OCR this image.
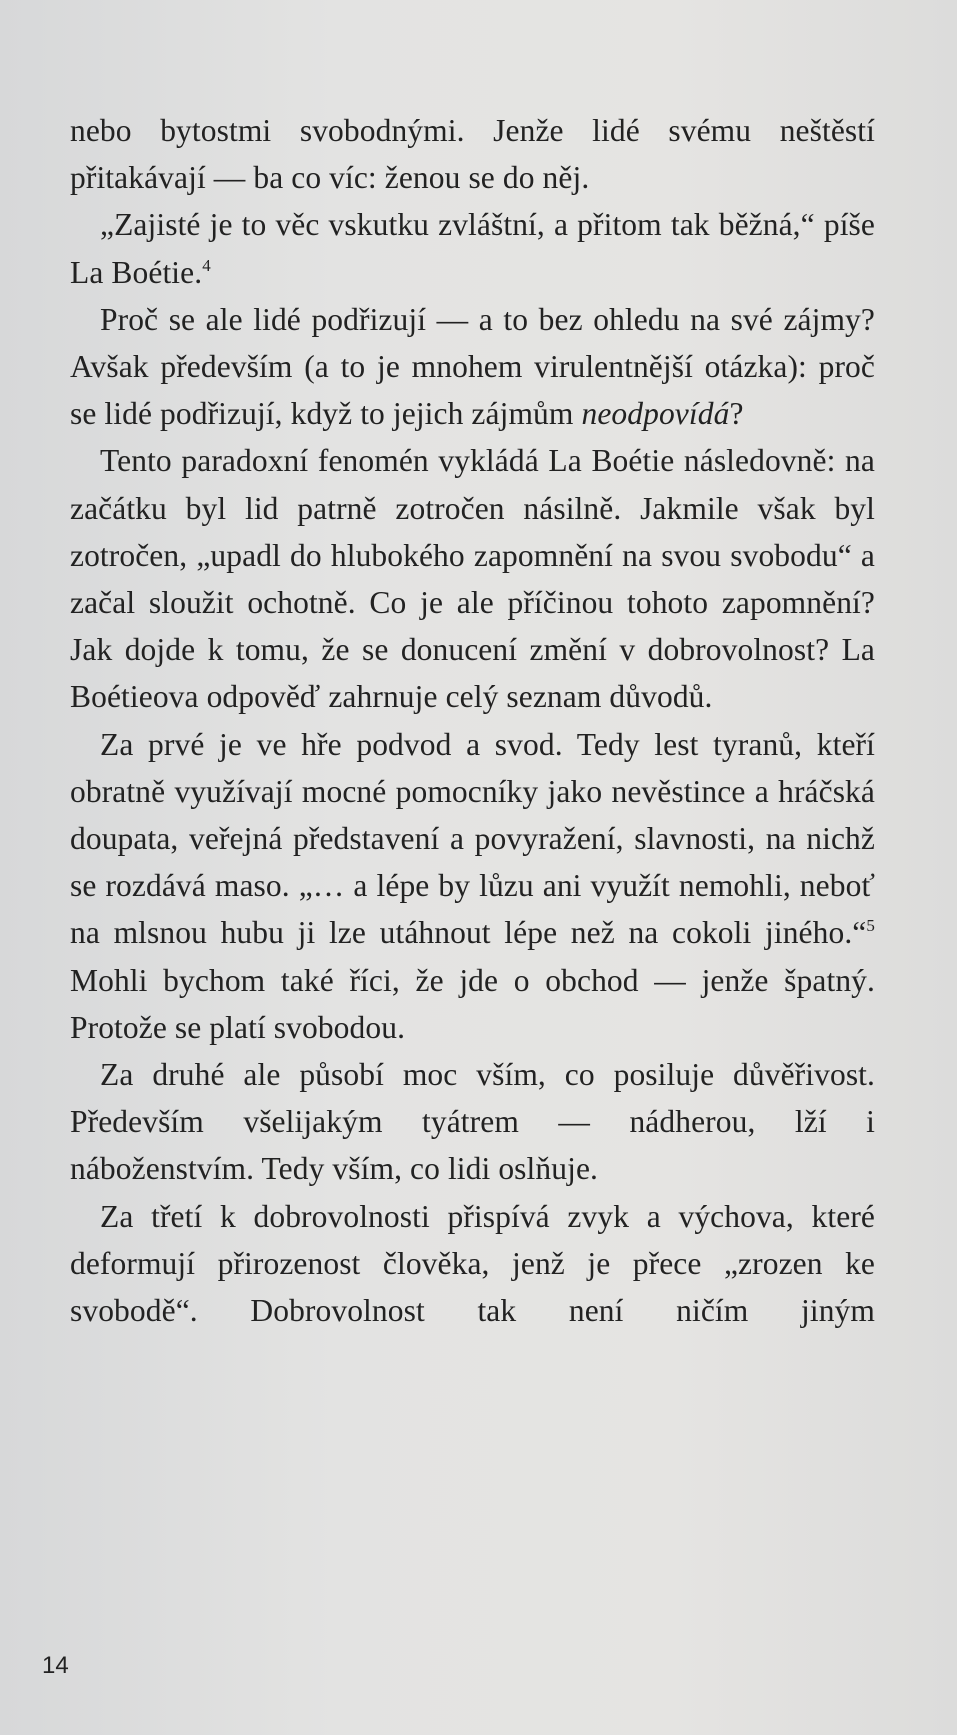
nebo bytostmi svobodnými. Jenže lidé svému neštěstí přitakávají — ba co víc: ženou se do něj.

„Zajisté je to věc vskutku zvláštní, a přitom tak běžná,“ píše La Boétie.$^4$

Proč se ale lidé podřizují — a to bez ohledu na své zájmy? Avšak především (a to je mnohem virulentnější otázka): proč se lidé podřizují, když to jejich zájmům neodpovídá?

Tento paradoxní fenomén vykládá La Boétie následovně: na začátku byl lid patrně zotročen násilně. Jakmile však byl zotročen, „upadl do hlubokého zapomnění na svou svobodu“ a začal sloužit ochotně. Co je ale příčinou tohoto zapomnění? Jak dojde k tomu, že se donucení změní v dobrovolnost? La Boétieova odpověď zahrnuje celý seznam důvodů.

Za prvé je ve hře podvod a svod. Tedy lest tyranů, kteří obratně využívají mocné pomocníky jako nevěstince a hráčská doupata, veřejná představení a povyražení, slavnosti, na nichž se rozdává maso. „… a lépe by lůzu ani využít nemohli, neboť na mlsnou hubu ji lze utáhnout lépe než na cokoli jiného.“$^5$ Mohli bychom také říci, že jde o obchod — jenže špatný. Protože se platí svobodou.

Za druhé ale působí moc vším, co posiluje důvěřivost. Především všelijakým tyátrem — nádherou, lží i náboženstvím. Tedy vším, co lidi oslňuje.

Za třetí k dobrovolnosti přispívá zvyk a výchova, které deformují přirozenost člověka, jenž je přece „zrozen ke svobodě“. Dobrovolnost tak není ničím jiným

14
